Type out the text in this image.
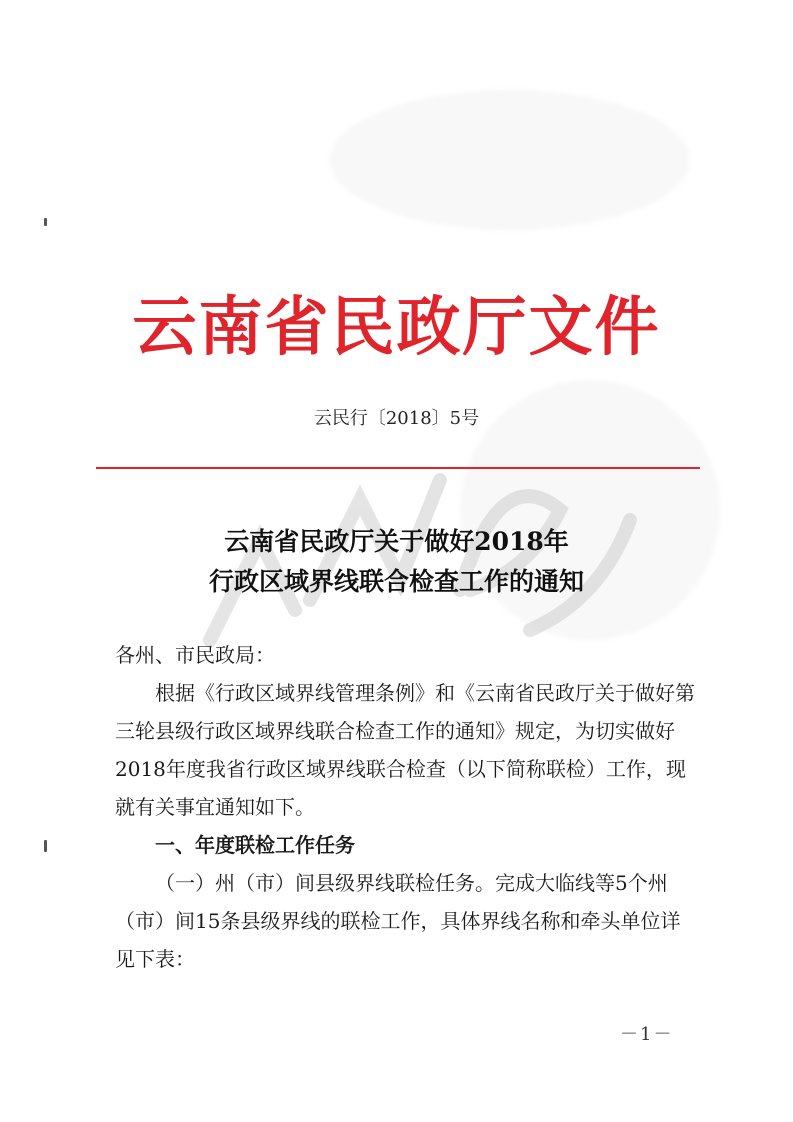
云南省民政厅文件
云民行〔2018〕5号
云南省民政厅关于做好2018年
行政区域界线联合检查工作的通知

各州、市民政局：

根据《行政区域界线管理条例》和《云南省民政厅关于做好第三轮县级行政区域界线联合检查工作的通知》规定，为切实做好2018年度我省行政区域界线联合检查（以下简称联检）工作，现就有关事宜通知如下。

一、年度联检工作任务

（一）州（市）间县级界线联检任务。完成大临线等5个州（市）间15条县级界线的联检工作，具体界线名称和牵头单位详见下表：

－1－
